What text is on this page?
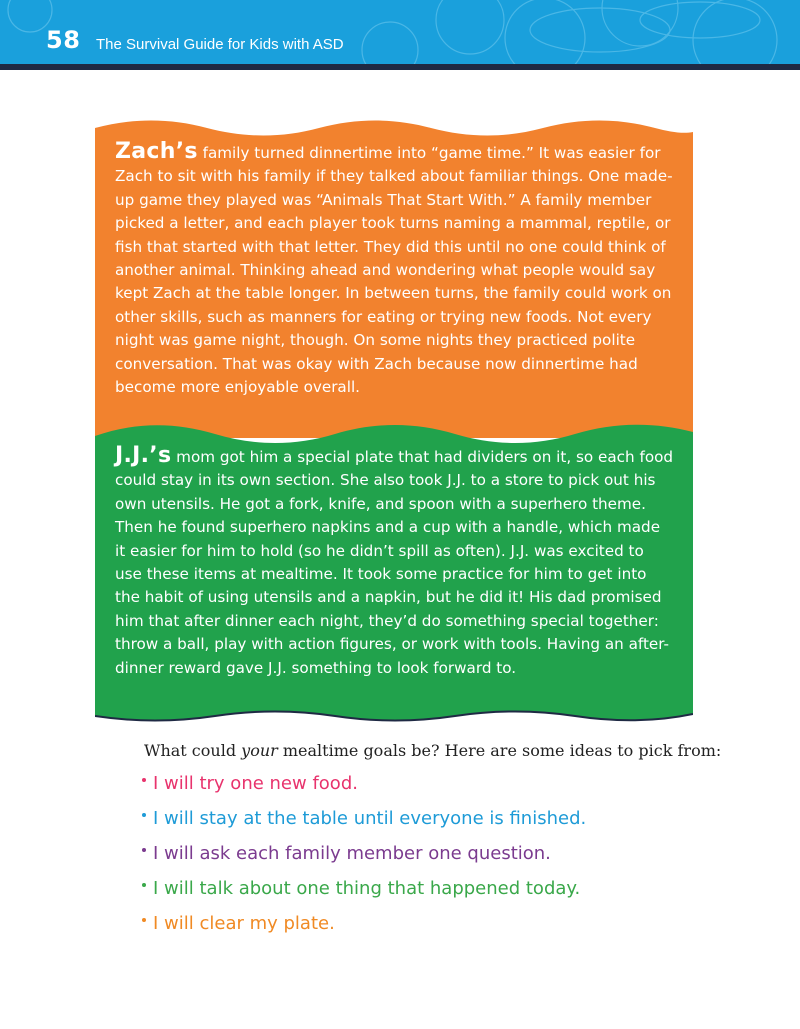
58 The Survival Guide for Kids with ASD

Zach’s family turned dinnertime into “game time.” It was easier for Zach to sit with his family if they talked about familiar things. One made-up game they played was “Animals That Start With.” A family member picked a letter, and each player took turns naming a mammal, reptile, or fish that started with that letter. They did this until no one could think of another animal. Thinking ahead and wondering what people would say kept Zach at the table longer. In between turns, the family could work on other skills, such as manners for eating or trying new foods. Not every night was game night, though. On some nights they practiced polite conversation. That was okay with Zach because now dinnertime had become more enjoyable overall.

J.J.’s mom got him a special plate that had dividers on it, so each food could stay in its own section. She also took J.J. to a store to pick out his own utensils. He got a fork, knife, and spoon with a superhero theme. Then he found superhero napkins and a cup with a handle, which made it easier for him to hold (so he didn’t spill as often). J.J. was excited to use these items at mealtime. It took some practice for him to get into the habit of using utensils and a napkin, but he did it! His dad promised him that after dinner each night, they’d do something special together: throw a ball, play with action figures, or work with tools. Having an after-dinner reward gave J.J. something to look forward to.

What could your mealtime goals be? Here are some ideas to pick from:

I will try one new food.
I will stay at the table until everyone is finished.
I will ask each family member one question.
I will talk about one thing that happened today.
I will clear my plate.
